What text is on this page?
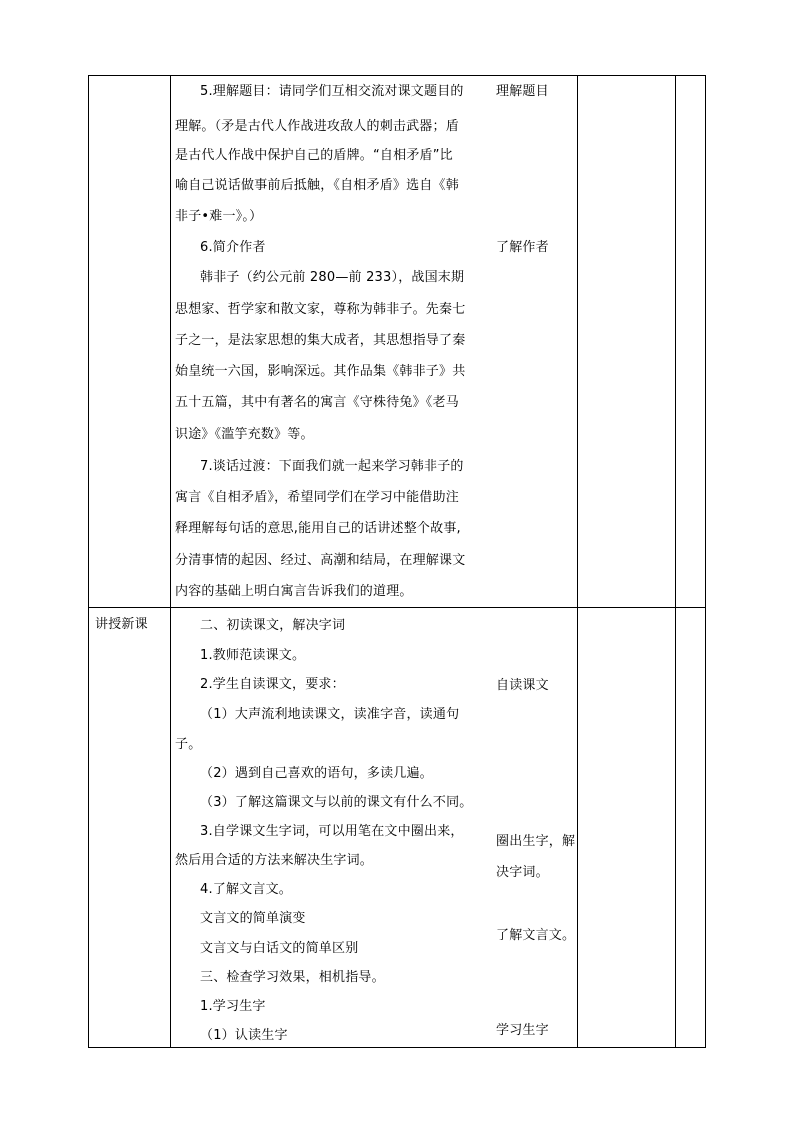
5.理解题目：请同学们互相交流对课文题目的
理解。（矛是古代人作战进攻敌人的刺击武器；盾
是古代人作战中保护自己的盾牌。“自相矛盾”比
喻自己说话做事前后抵触，《自相矛盾》选自《韩
非子•难一》。）
6.简介作者
韩非子（约公元前 280—前 233），战国末期
思想家、哲学家和散文家，尊称为韩非子。先秦七
子之一，是法家思想的集大成者，其思想指导了秦
始皇统一六国，影响深远。其作品集《韩非子》共
五十五篇，其中有著名的寓言《守株待兔》《老马
识途》《滥竽充数》等。
7.谈话过渡：下面我们就一起来学习韩非子的
寓言《自相矛盾》，希望同学们在学习中能借助注
释理解每句话的意思,能用自己的话讲述整个故事,
分清事情的起因、经过、高潮和结局，在理解课文
内容的基础上明白寓言告诉我们的道理。
理解题目
了解作者
讲授新课	二、初读课文，解决字词
1.教师范读课文。
2.学生自读课文，要求：
（1）大声流利地读课文，读准字音，读通句
子。
（2）遇到自己喜欢的语句，多读几遍。
（3）了解这篇课文与以前的课文有什么不同。
3.自学课文生字词，可以用笔在文中圈出来，
然后用合适的方法来解决生字词。
4.了解文言文。
文言文的简单演变
文言文与白话文的简单区别
三、检查学习效果，相机指导。
1.学习生字
（1）认读生字
自读课文
圈出生字，解
决字词。
了解文言文。
学习生字
